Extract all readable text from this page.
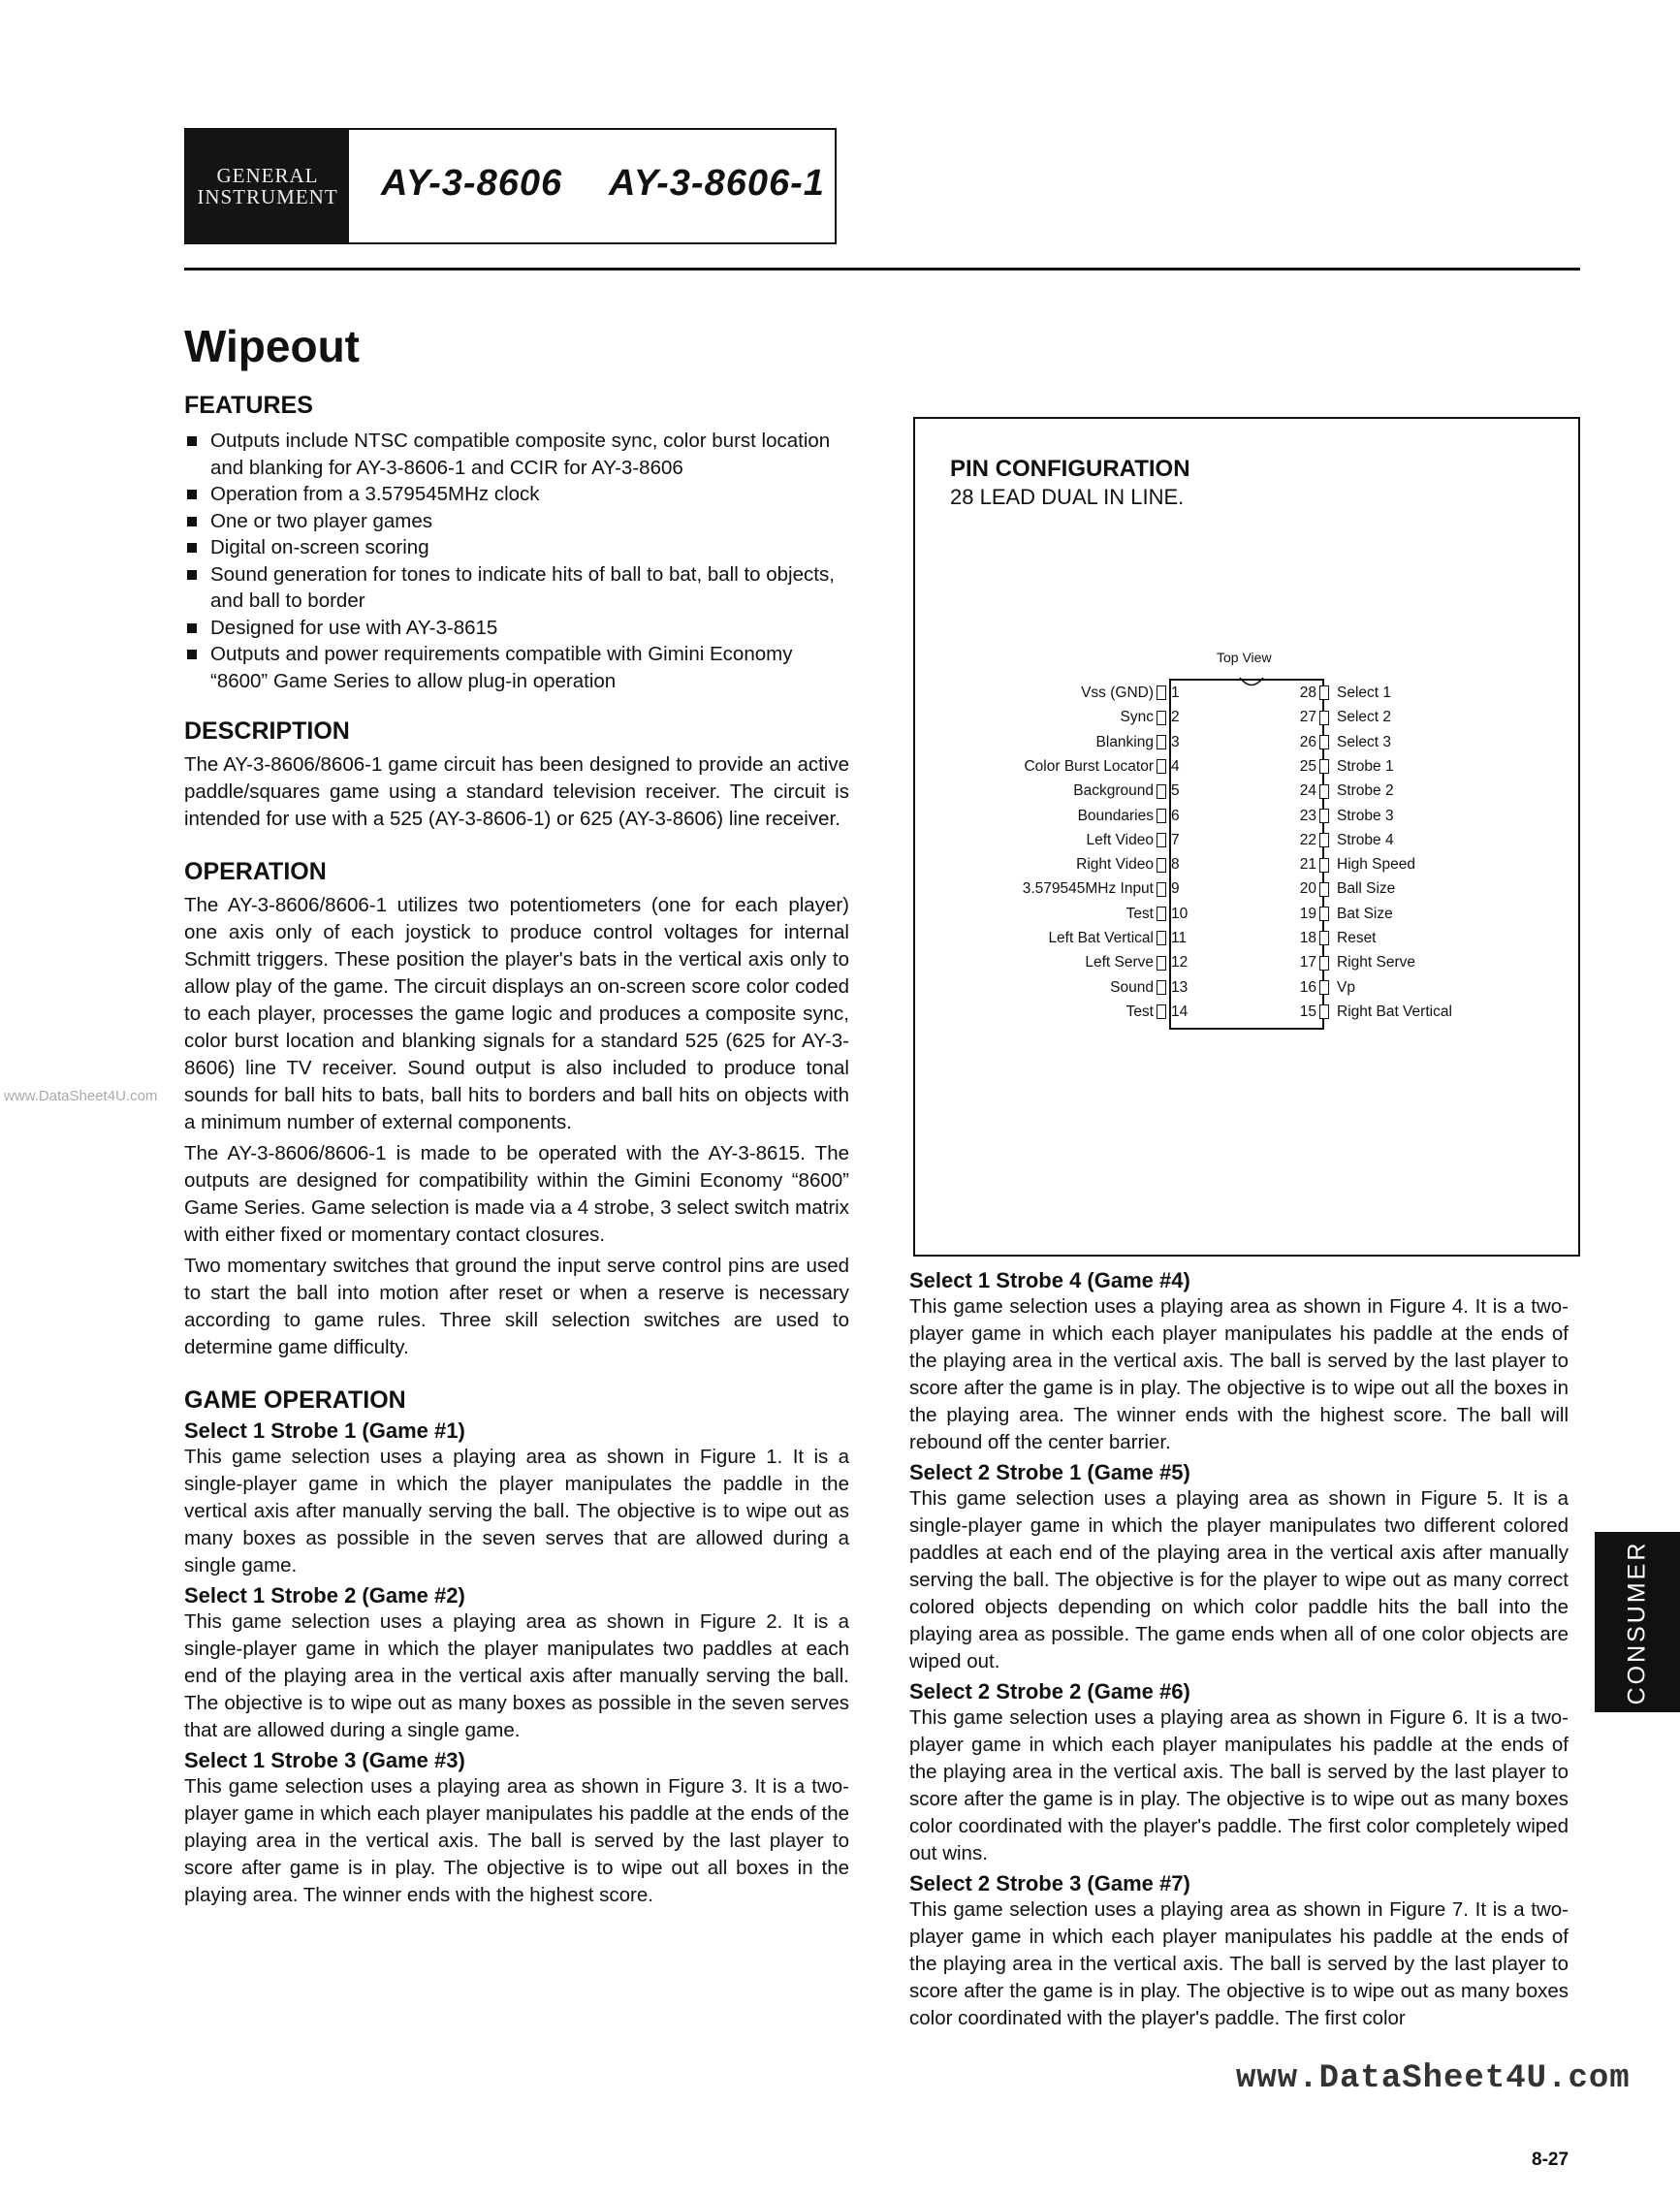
GENERAL
INSTRUMENT AY-3-8606 AY-3-8606-1
Wipeout
www.DataSheet4U.com
FEATURES
Outputs include NTSC compatible composite sync, color burst location and blanking for AY-3-8606-1 and CCIR for AY-3-8606
Operation from a 3.579545MHz clock
One or two player games
Digital on-screen scoring
Sound generation for tones to indicate hits of ball to bat, ball to objects, and ball to border
Designed for use with AY-3-8615
Outputs and power requirements compatible with Gimini Economy “8600” Game Series to allow plug-in operation
DESCRIPTION

The AY-3-8606/8606-1 game circuit has been designed to provide an active paddle/squares game using a standard television receiver. The circuit is intended for use with a 525 (AY-3-8606-1) or 625 (AY-3-8606) line receiver.

OPERATION

The AY-3-8606/8606-1 utilizes two potentiometers (one for each player) one axis only of each joystick to produce control voltages for internal Schmitt triggers. These position the player's bats in the vertical axis only to allow play of the game. The circuit displays an on-screen score color coded to each player, processes the game logic and produces a composite sync, color burst location and blanking signals for a standard 525 (625 for AY-3-8606) line TV receiver. Sound output is also included to produce tonal sounds for ball hits to bats, ball hits to borders and ball hits on objects with a minimum number of external components.

The AY-3-8606/8606-1 is made to be operated with the AY-3-8615. The outputs are designed for compatibility within the Gimini Economy “8600” Game Series. Game selection is made via a 4 strobe, 3 select switch matrix with either fixed or momentary contact closures.

Two momentary switches that ground the input serve control pins are used to start the ball into motion after reset or when a reserve is necessary according to game rules. Three skill selection switches are used to determine game difficulty.

GAME OPERATION
Select 1 Strobe 1 (Game #1)

This game selection uses a playing area as shown in Figure 1. It is a single-player game in which the player manipulates the paddle in the vertical axis after manually serving the ball. The objective is to wipe out as many boxes as possible in the seven serves that are allowed during a single game.

Select 1 Strobe 2 (Game #2)

This game selection uses a playing area as shown in Figure 2. It is a single-player game in which the player manipulates two paddles at each end of the playing area in the vertical axis after manually serving the ball. The objective is to wipe out as many boxes as possible in the seven serves that are allowed during a single game.

Select 1 Strobe 3 (Game #3)

This game selection uses a playing area as shown in Figure 3. It is a two-player game in which each player manipulates his paddle at the ends of the playing area in the vertical axis. The ball is served by the last player to score after game is in play. The objective is to wipe out all boxes in the playing area. The winner ends with the highest score.

PIN CONFIGURATION
28 LEAD DUAL IN LINE.
Top View
Vss (GND) 1
Sync 2
Blanking 3
Color Burst Locator 4
Background 5
Boundaries 6
Left Video 7
Right Video 8
3.579545MHz Input 9
Test 10
Left Bat Vertical 11
Left Serve 12
Sound 13
Test 14
28 Select 1
27 Select 2
26 Select 3
25 Strobe 1
24 Strobe 2
23 Strobe 3
22 Strobe 4
21 High Speed
20 Ball Size
19 Bat Size
18 Reset
17 Right Serve
16 Vp
15 Right Bat Vertical
Select 1 Strobe 4 (Game #4)

This game selection uses a playing area as shown in Figure 4. It is a two-player game in which each player manipulates his paddle at the ends of the playing area in the vertical axis. The ball is served by the last player to score after the game is in play. The objective is to wipe out all the boxes in the playing area. The winner ends with the highest score. The ball will rebound off the center barrier.

Select 2 Strobe 1 (Game #5)

This game selection uses a playing area as shown in Figure 5. It is a single-player game in which the player manipulates two different colored paddles at each end of the playing area in the vertical axis after manually serving the ball. The objective is for the player to wipe out as many correct colored objects depending on which color paddle hits the ball into the playing area as possible. The game ends when all of one color objects are wiped out.

Select 2 Strobe 2 (Game #6)

This game selection uses a playing area as shown in Figure 6. It is a two-player game in which each player manipulates his paddle at the ends of the playing area in the vertical axis. The ball is served by the last player to score after the game is in play. The objective is to wipe out as many boxes color coordinated with the player's paddle. The first color completely wiped out wins.

Select 2 Strobe 3 (Game #7)

This game selection uses a playing area as shown in Figure 7. It is a two-player game in which each player manipulates his paddle at the ends of the playing area in the vertical axis. The ball is served by the last player to score after the game is in play. The objective is to wipe out as many boxes color coordinated with the player's paddle. The first color

www.DataSheet4U.com
CONSUMER
8-27
